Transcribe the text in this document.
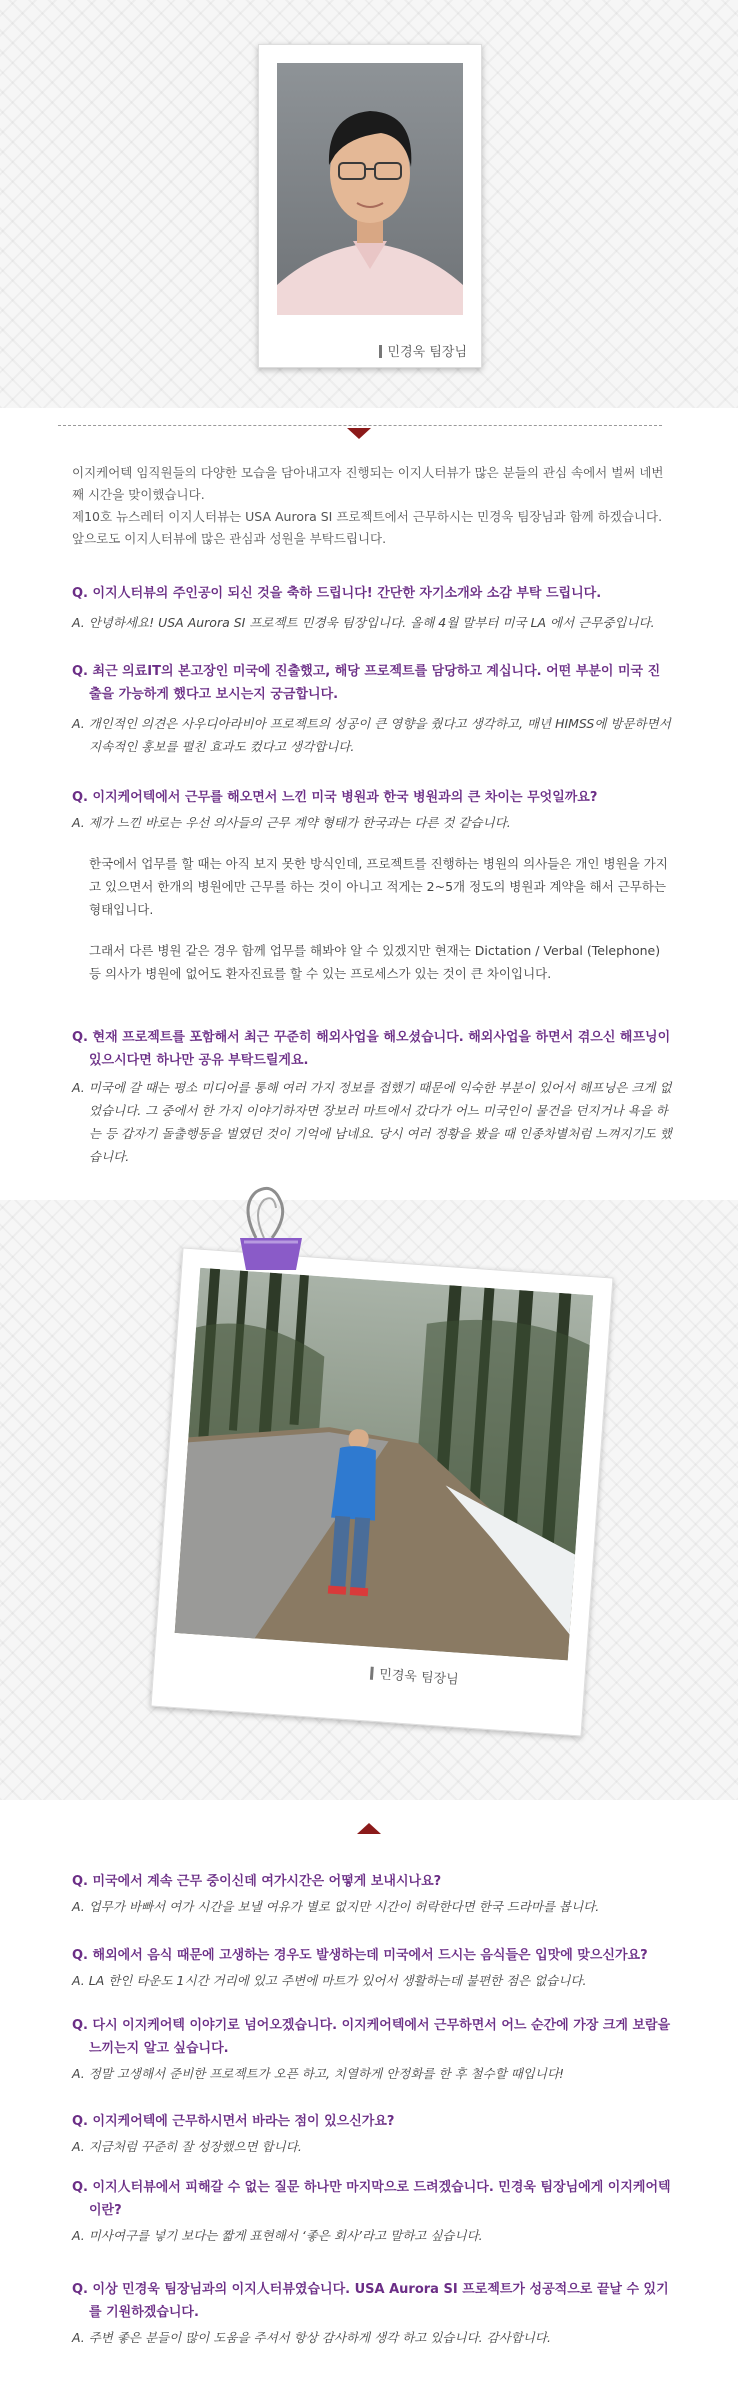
민경욱 팀장님

이지케어텍 임직원들의 다양한 모습을 담아내고자 진행되는 이지人터뷰가 많은 분들의 관심 속에서 벌써 네번째 시간을 맞이했습니다.

제10호 뉴스레터 이지人터뷰는 USA Aurora SI 프로젝트에서 근무하시는 민경욱 팀장님과 함께 하겠습니다.

앞으로도 이지人터뷰에 많은 관심과 성원을 부탁드립니다.

Q. 이지人터뷰의 주인공이 되신 것을 축하 드립니다! 간단한 자기소개와 소감 부탁 드립니다.

A. 안녕하세요! USA Aurora SI 프로젝트 민경욱 팀장입니다. 올해 4월 말부터 미국 LA 에서 근무중입니다.

Q. 최근 의료IT의 본고장인 미국에 진출했고, 해당 프로젝트를 담당하고 계십니다. 어떤 부분이 미국 진출을 가능하게 했다고 보시는지 궁금합니다.

A. 개인적인 의견은 사우디아라비아 프로젝트의 성공이 큰 영향을 줬다고 생각하고, 매년 HIMSS에 방문하면서 지속적인 홍보를 펼친 효과도 컸다고 생각합니다.

Q. 이지케어텍에서 근무를 해오면서 느낀 미국 병원과 한국 병원과의 큰 차이는 무엇일까요?

A. 제가 느낀 바로는 우선 의사들의 근무 계약 형태가 한국과는 다른 것 같습니다.

한국에서 업무를 할 때는 아직 보지 못한 방식인데, 프로젝트를 진행하는 병원의 의사들은 개인 병원을 가지고 있으면서 한개의 병원에만 근무를 하는 것이 아니고 적게는 2~5개 정도의 병원과 계약을 해서 근무하는 형태입니다.

그래서 다른 병원 같은 경우 함께 업무를 해봐야 알 수 있겠지만 현재는 Dictation / Verbal (Telephone) 등 의사가 병원에 없어도 환자진료를 할 수 있는 프로세스가 있는 것이 큰 차이입니다.

Q. 현재 프로젝트를 포함해서 최근 꾸준히 해외사업을 해오셨습니다. 해외사업을 하면서 겪으신 해프닝이 있으시다면 하나만 공유 부탁드릴게요.

A. 미국에 갈 때는 평소 미디어를 통해 여러 가지 정보를 접했기 때문에 익숙한 부분이 있어서 해프닝은 크게 없었습니다. 그 중에서 한 가지 이야기하자면 장보러 마트에서 갔다가 어느 미국인이 물건을 던지거나 욕을 하는 등 갑자기 돌출행동을 벌였던 것이 기억에 남네요. 당시 여러 정황을 봤을 때 인종차별처럼 느껴지기도 했습니다.

민경욱 팀장님

Q. 미국에서 계속 근무 중이신데 여가시간은 어떻게 보내시나요?

A. 업무가 바빠서 여가 시간을 보낼 여유가 별로 없지만 시간이 허락한다면 한국 드라마를 봅니다.

Q. 해외에서 음식 때문에 고생하는 경우도 발생하는데 미국에서 드시는 음식들은 입맛에 맞으신가요?

A. LA 한인 타운도 1시간 거리에 있고 주변에 마트가 있어서 생활하는데 불편한 점은 없습니다.

Q. 다시 이지케어텍 이야기로 넘어오겠습니다. 이지케어텍에서 근무하면서 어느 순간에 가장 크게 보람을 느끼는지 알고 싶습니다.

A. 정말 고생해서 준비한 프로젝트가 오픈 하고, 치열하게 안정화를 한 후 철수할 때입니다!

Q. 이지케어텍에 근무하시면서 바라는 점이 있으신가요?

A. 지금처럼 꾸준히 잘 성장했으면 합니다.

Q. 이지人터뷰에서 피해갈 수 없는 질문 하나만 마지막으로 드려겠습니다. 민경욱 팀장님에게 이지케어텍이란?

A. 미사여구를 넣기 보다는 짧게 표현해서 ‘좋은 회사’라고 말하고 싶습니다.

Q. 이상 민경욱 팀장님과의 이지人터뷰였습니다. USA Aurora SI 프로젝트가 성공적으로 끝날 수 있기를 기원하겠습니다.

A. 주변 좋은 분들이 많이 도움을 주셔서 항상 감사하게 생각 하고 있습니다. 감사합니다.
